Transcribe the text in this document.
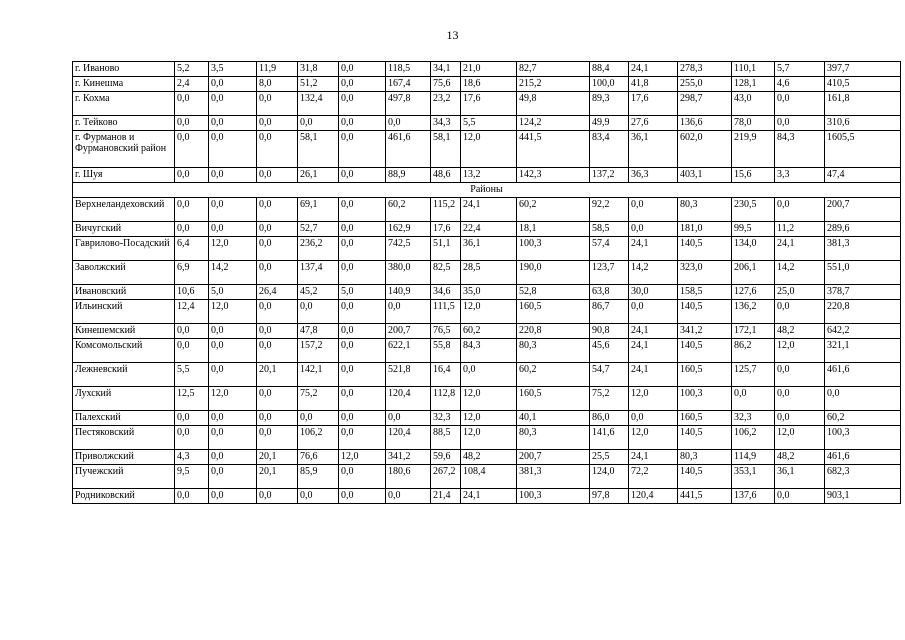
13
г. Иваново	5,2	3,5	11,9	31,8	0,0	118,5	34,1	21,0	82,7	88,4	24,1	278,3	110,1	5,7	397,7
г. Кинешма	2,4	0,0	8,0	51,2	0,0	167,4	75,6	18,6	215,2	100,0	41,8	255,0	128,1	4,6	410,5
г. Кохма	0,0	0,0	0,0	132,4	0,0	497,8	23,2	17,6	49,8	89,3	17,6	298,7	43,0	0,0	161,8
г. Тейково	0,0	0,0	0,0	0,0	0,0	0,0	34,3	5,5	124,2	49,9	27,6	136,6	78,0	0,0	310,6
г. Фурманов и Фурмановский район	0,0	0,0	0,0	58,1	0,0	461,6	58,1	12,0	441,5	83,4	36,1	602,0	219,9	84,3	1605,5
г. Шуя	0,0	0,0	0,0	26,1	0,0	88,9	48,6	13,2	142,3	137,2	36,3	403,1	15,6	3,3	47,4
Районы															
Верхнеландеховский	0,0	0,0	0,0	69,1	0,0	60,2	115,2	24,1	60,2	92,2	0,0	80,3	230,5	0,0	200,7
Вичугский	0,0	0,0	0,0	52,7	0,0	162,9	17,6	22,4	18,1	58,5	0,0	181,0	99,5	11,2	289,6
Гаврилово-Посадский	6,4	12,0	0,0	236,2	0,0	742,5	51,1	36,1	100,3	57,4	24,1	140,5	134,0	24,1	381,3
Заволжский	6,9	14,2	0,0	137,4	0,0	380,0	82,5	28,5	190,0	123,7	14,2	323,0	206,1	14,2	551,0
Ивановский	10,6	5,0	26,4	45,2	5,0	140,9	34,6	35,0	52,8	63,8	30,0	158,5	127,6	25,0	378,7
Ильинский	12,4	12,0	0,0	0,0	0,0	0,0	111,5	12,0	160,5	86,7	0,0	140,5	136,2	0,0	220,8
Кинешемский	0,0	0,0	0,0	47,8	0,0	200,7	76,5	60,2	220,8	90,8	24,1	341,2	172,1	48,2	642,2
Комсомольский	0,0	0,0	0,0	157,2	0,0	622,1	55,8	84,3	80,3	45,6	24,1	140,5	86,2	12,0	321,1
Лежневский	5,5	0,0	20,1	142,1	0,0	521,8	16,4	0,0	60,2	54,7	24,1	160,5	125,7	0,0	461,6
Лухский	12,5	12,0	0,0	75,2	0,0	120,4	112,8	12,0	160,5	75,2	12,0	100,3	0,0	0,0	0,0
Палехский	0,0	0,0	0,0	0,0	0,0	0,0	32,3	12,0	40,1	86,0	0,0	160,5	32,3	0,0	60,2
Пестяковский	0,0	0,0	0,0	106,2	0,0	120,4	88,5	12,0	80,3	141,6	12,0	140,5	106,2	12,0	100,3
Приволжский	4,3	0,0	20,1	76,6	12,0	341,2	59,6	48,2	200,7	25,5	24,1	80,3	114,9	48,2	461,6
Пучежский	9,5	0,0	20,1	85,9	0,0	180,6	267,2	108,4	381,3	124,0	72,2	140,5	353,1	36,1	682,3
Родниковский	0,0	0,0	0,0	0,0	0,0	0,0	21,4	24,1	100,3	97,8	120,4	441,5	137,6	0,0	903,1
